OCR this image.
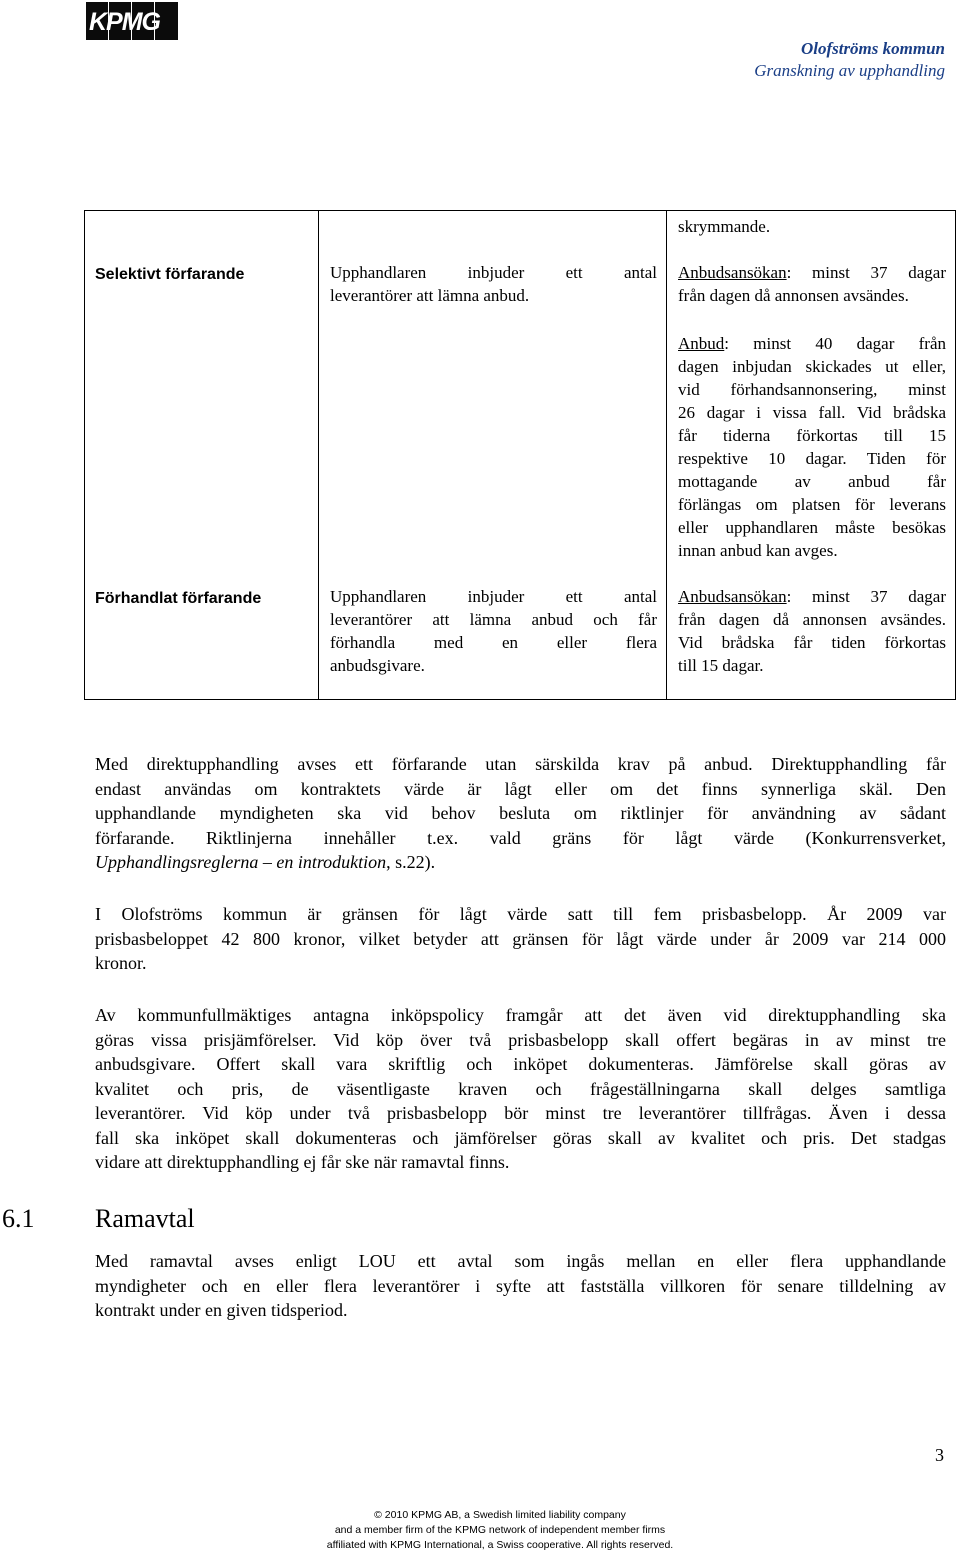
KPMG
Olofströms kommun
Granskning av upphandling
skrymmande.
Selektivt förfarande	Upphandlaren inbjuder ett antal
leverantörer att lämna anbud.
Anbudsansökan: minst 37 dagar
från dagen då annonsen avsändes.
Anbud: minst 40 dagar från
dagen inbjudan skickades ut eller,
vid förhandsannonsering, minst
26 dagar i vissa fall. Vid brådska
får tiderna förkortas till 15
respektive 10 dagar. Tiden för
mottagande av anbud får
förlängas om platsen för leverans
eller upphandlaren måste besökas
innan anbud kan avges.
Förhandlat förfarande	Upphandlaren inbjuder ett antal
leverantörer att lämna anbud och får
förhandla med en eller flera
anbudsgivare.
Anbudsansökan: minst 37 dagar
från dagen då annonsen avsändes.
Vid brådska får tiden förkortas
till 15 dagar.
Med direktupphandling avses ett förfarande utan särskilda krav på anbud. Direktupphandling får
endast användas om kontraktets värde är lågt eller om det finns synnerliga skäl. Den
upphandlande myndigheten ska vid behov besluta om riktlinjer för användning av sådant
förfarande. Riktlinjerna innehåller t.ex. vald gräns för lågt värde (Konkurrensverket,
Upphandlingsreglerna – en introduktion, s.22).
I Olofströms kommun är gränsen för lågt värde satt till fem prisbasbelopp. År 2009 var
prisbasbeloppet 42 800 kronor, vilket betyder att gränsen för lågt värde under år 2009 var 214 000
kronor.
Av kommunfullmäktiges antagna inköpspolicy framgår att det även vid direktupphandling ska
göras vissa prisjämförelser. Vid köp över två prisbasbelopp skall offert begäras in av minst tre
anbudsgivare. Offert skall vara skriftlig och inköpet dokumenteras. Jämförelse skall göras av
kvalitet och pris, de väsentligaste kraven och frågeställningarna skall delges samtliga
leverantörer. Vid köp under två prisbasbelopp bör minst tre leverantörer tillfrågas. Även i dessa
fall ska inköpet skall dokumenteras och jämförelser göras skall av kvalitet och pris. Det stadgas
vidare att direktupphandling ej får ske när ramavtal finns.
6.1 Ramavtal
Med ramavtal avses enligt LOU ett avtal som ingås mellan en eller flera upphandlande
myndigheter och en eller flera leverantörer i syfte att fastställa villkoren för senare tilldelning av
kontrakt under en given tidsperiod.
3
© 2010 KPMG AB, a Swedish limited liability company
and a member firm of the KPMG network of independent member firms
affiliated with KPMG International, a Swiss cooperative. All rights reserved.
